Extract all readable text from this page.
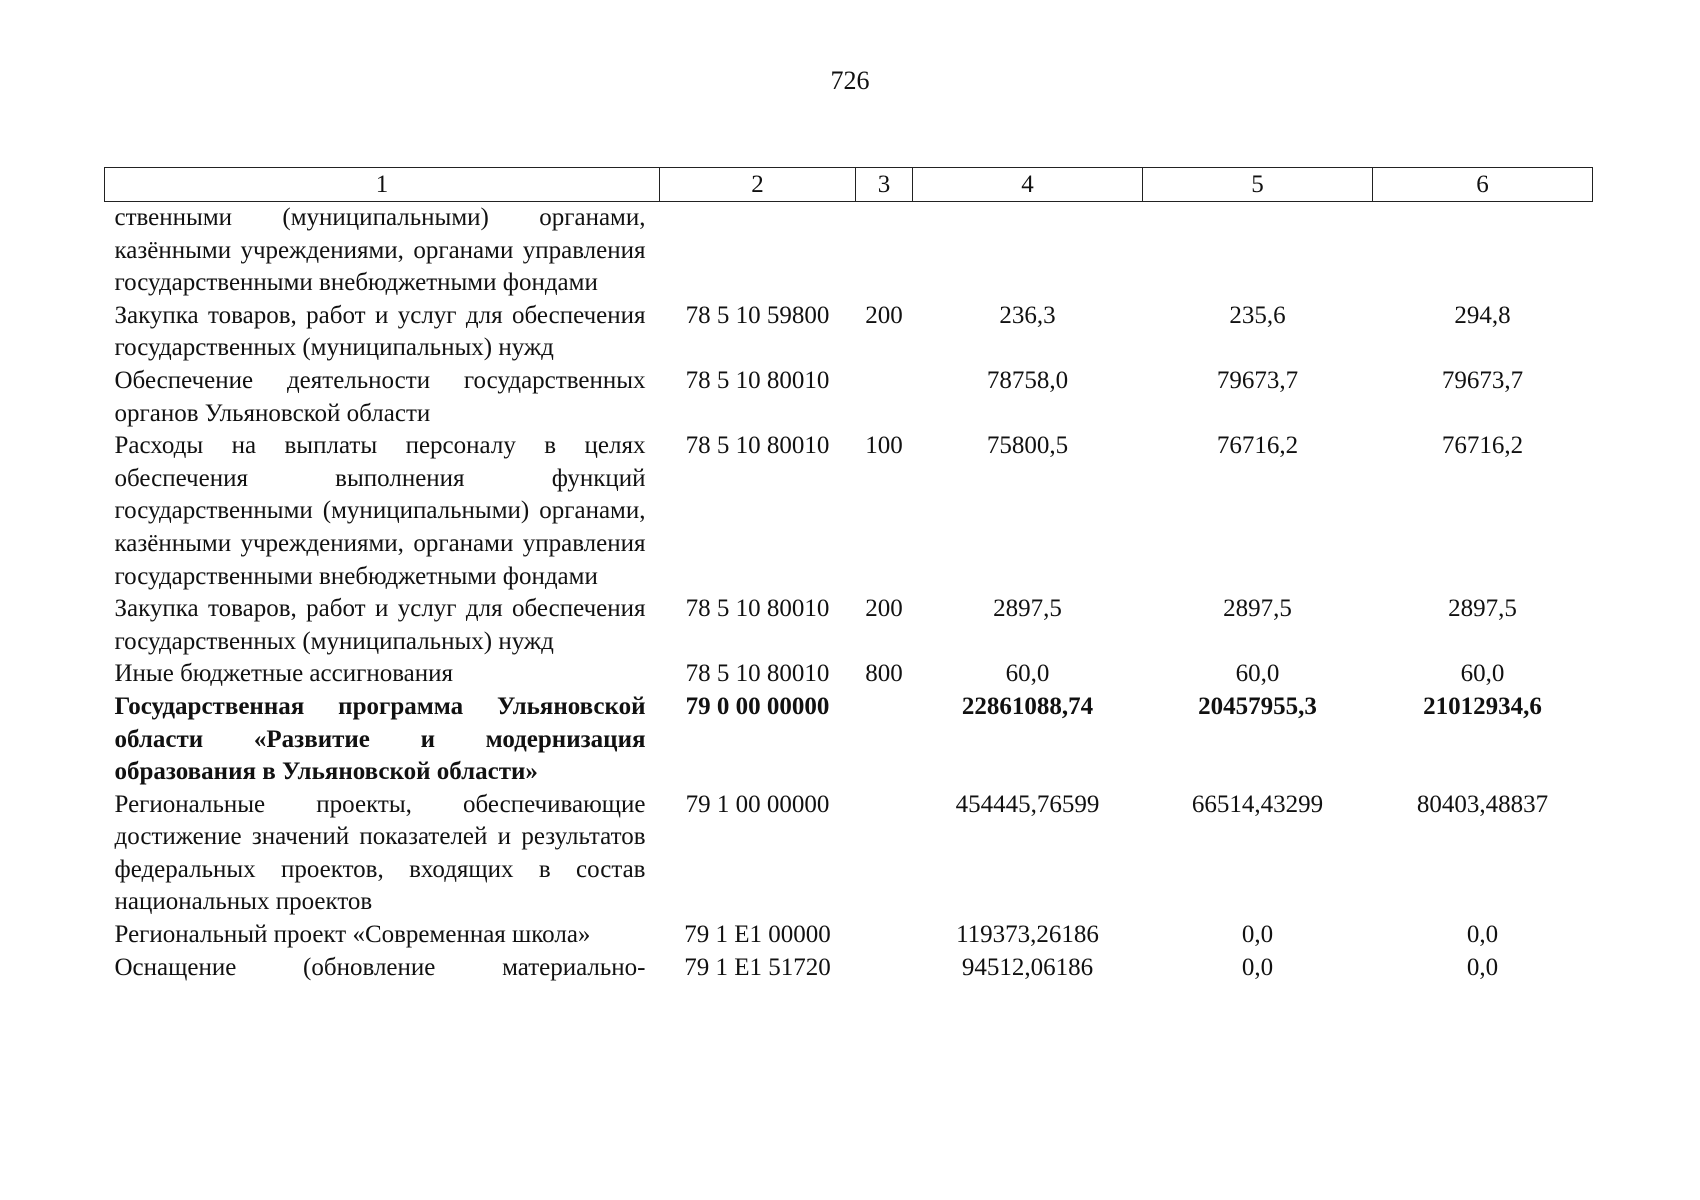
726
1	2	3	4	5	6
ственными (муниципальными) органами, казёнными учреждениями, органами управления государственными внебюджетными фондами					
Закупка товаров, работ и услуг для обеспечения государственных (муниципальных) нужд	78 5 10 59800	200	236,3	235,6	294,8
Обеспечение деятельности государственных органов Ульяновской области	78 5 10 80010		78758,0	79673,7	79673,7
Расходы на выплаты персоналу в целях обеспечения выполнения функций государственными (муниципальными) органами, казёнными учреждениями, органами управления государственными внебюджетными фондами	78 5 10 80010	100	75800,5	76716,2	76716,2
Закупка товаров, работ и услуг для обеспечения государственных (муниципальных) нужд	78 5 10 80010	200	2897,5	2897,5	2897,5
Иные бюджетные ассигнования	78 5 10 80010	800	60,0	60,0	60,0
Государственная программа Ульяновской области «Развитие и модернизация образования в Ульяновской области»	79 0 00 00000		22861088,74	20457955,3	21012934,6
Региональные проекты, обеспечивающие достижение значений показателей и результатов федеральных проектов, входящих в состав национальных проектов	79 1 00 00000		454445,76599	66514,43299	80403,48837
Региональный проект «Современная школа»	79 1 E1 00000		119373,26186	0,0	0,0
Оснащение (обновление материально-	79 1 E1 51720		94512,06186	0,0	0,0
